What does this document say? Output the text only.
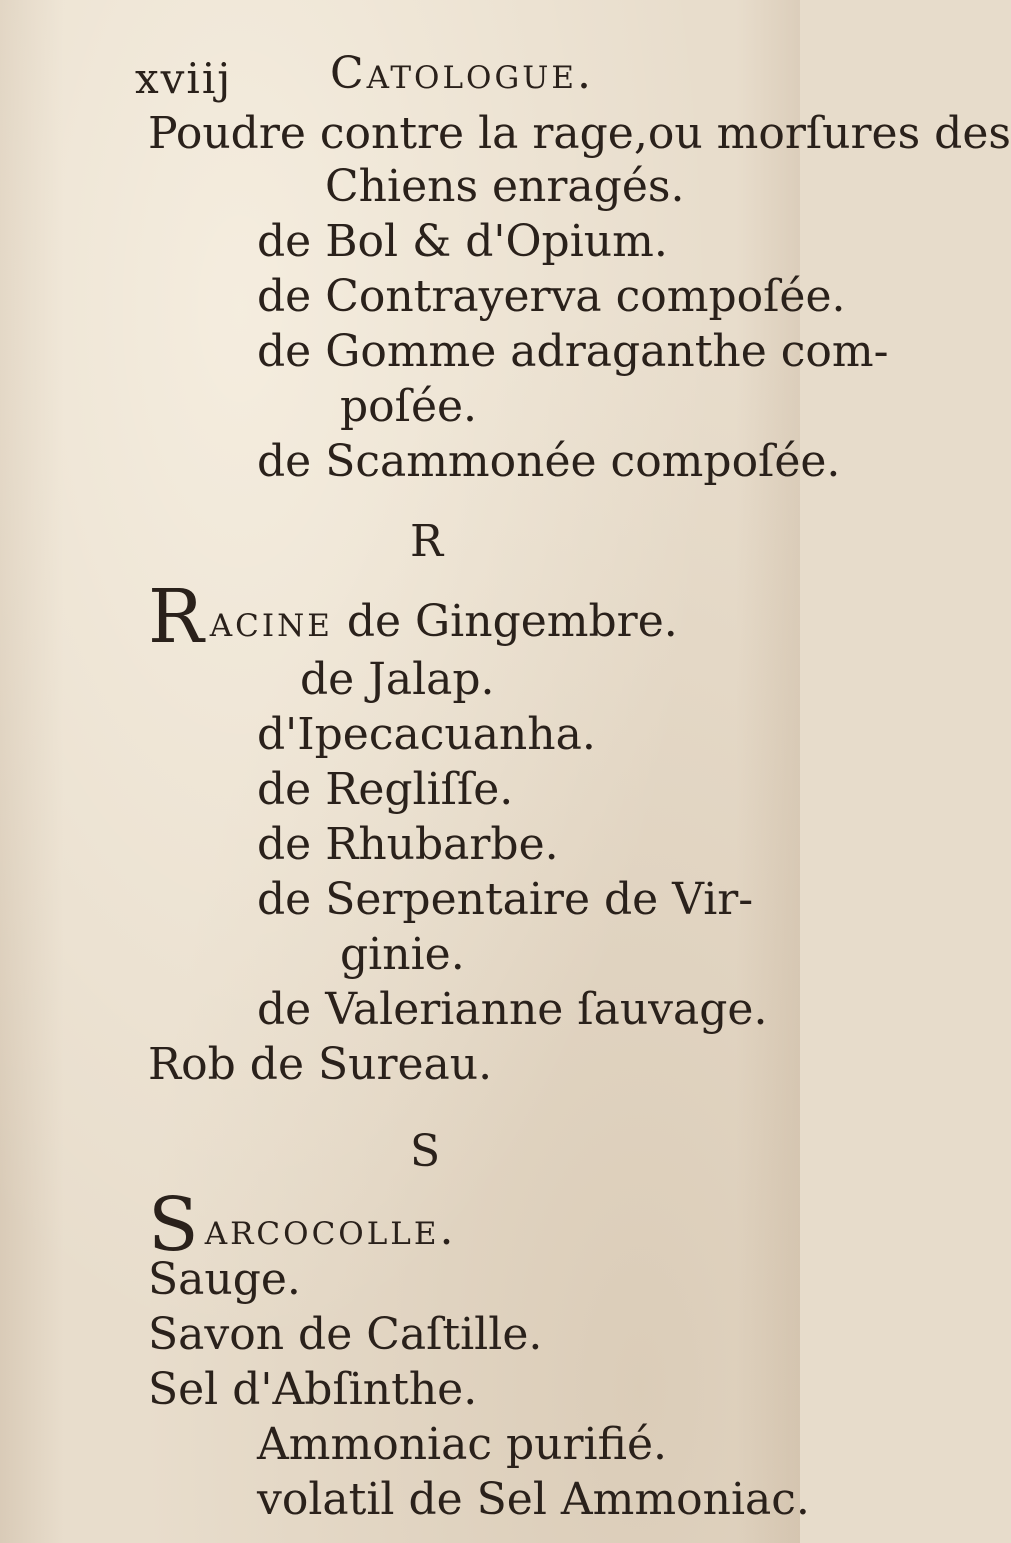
xviij Catologue.
Poudre contre la rage,ou morſures des
Chiens enragés.
de Bol & d'Opium.
de Contrayerva compoſée.
de Gomme adraganthe com-
poſée.
de Scammonée compoſée.
R
Racine de Gingembre.
de Jalap.
d'Ipecacuanha.
de Regliſſe.
de Rhubarbe.
de Serpentaire de Vir-
ginie.
de Valerianne ſauvage.
Rob de Sureau.
S
Sarcocolle.
Sauge.
Savon de Caſtille.
Sel d'Abſinthe.
Ammoniac purifié.
volatil de Sel Ammoniac.
